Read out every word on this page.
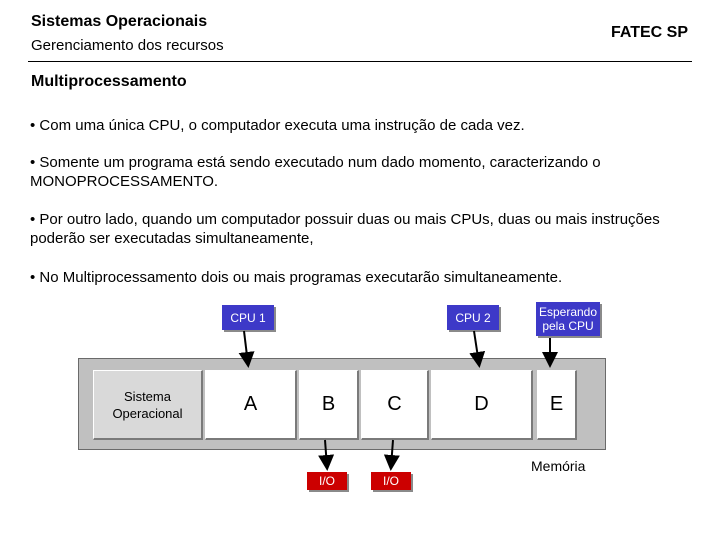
Sistemas Operacionais
Gerenciamento dos recursos
FATEC SP
Multiprocessamento
• Com uma única CPU, o computador executa uma instrução de cada vez.
• Somente um programa está sendo executado num dado momento, caracterizando o MONOPROCESSAMENTO.
• Por outro lado, quando um computador possuir duas ou mais CPUs, duas ou mais instruções poderão ser executadas simultaneamente,
• No Multiprocessamento dois ou mais programas executarão simultaneamente.
CPU 1	CPU 2	Esperando pela CPU
Sistema Operacional	A	B	C	D	E
Memória
I/O	I/O
